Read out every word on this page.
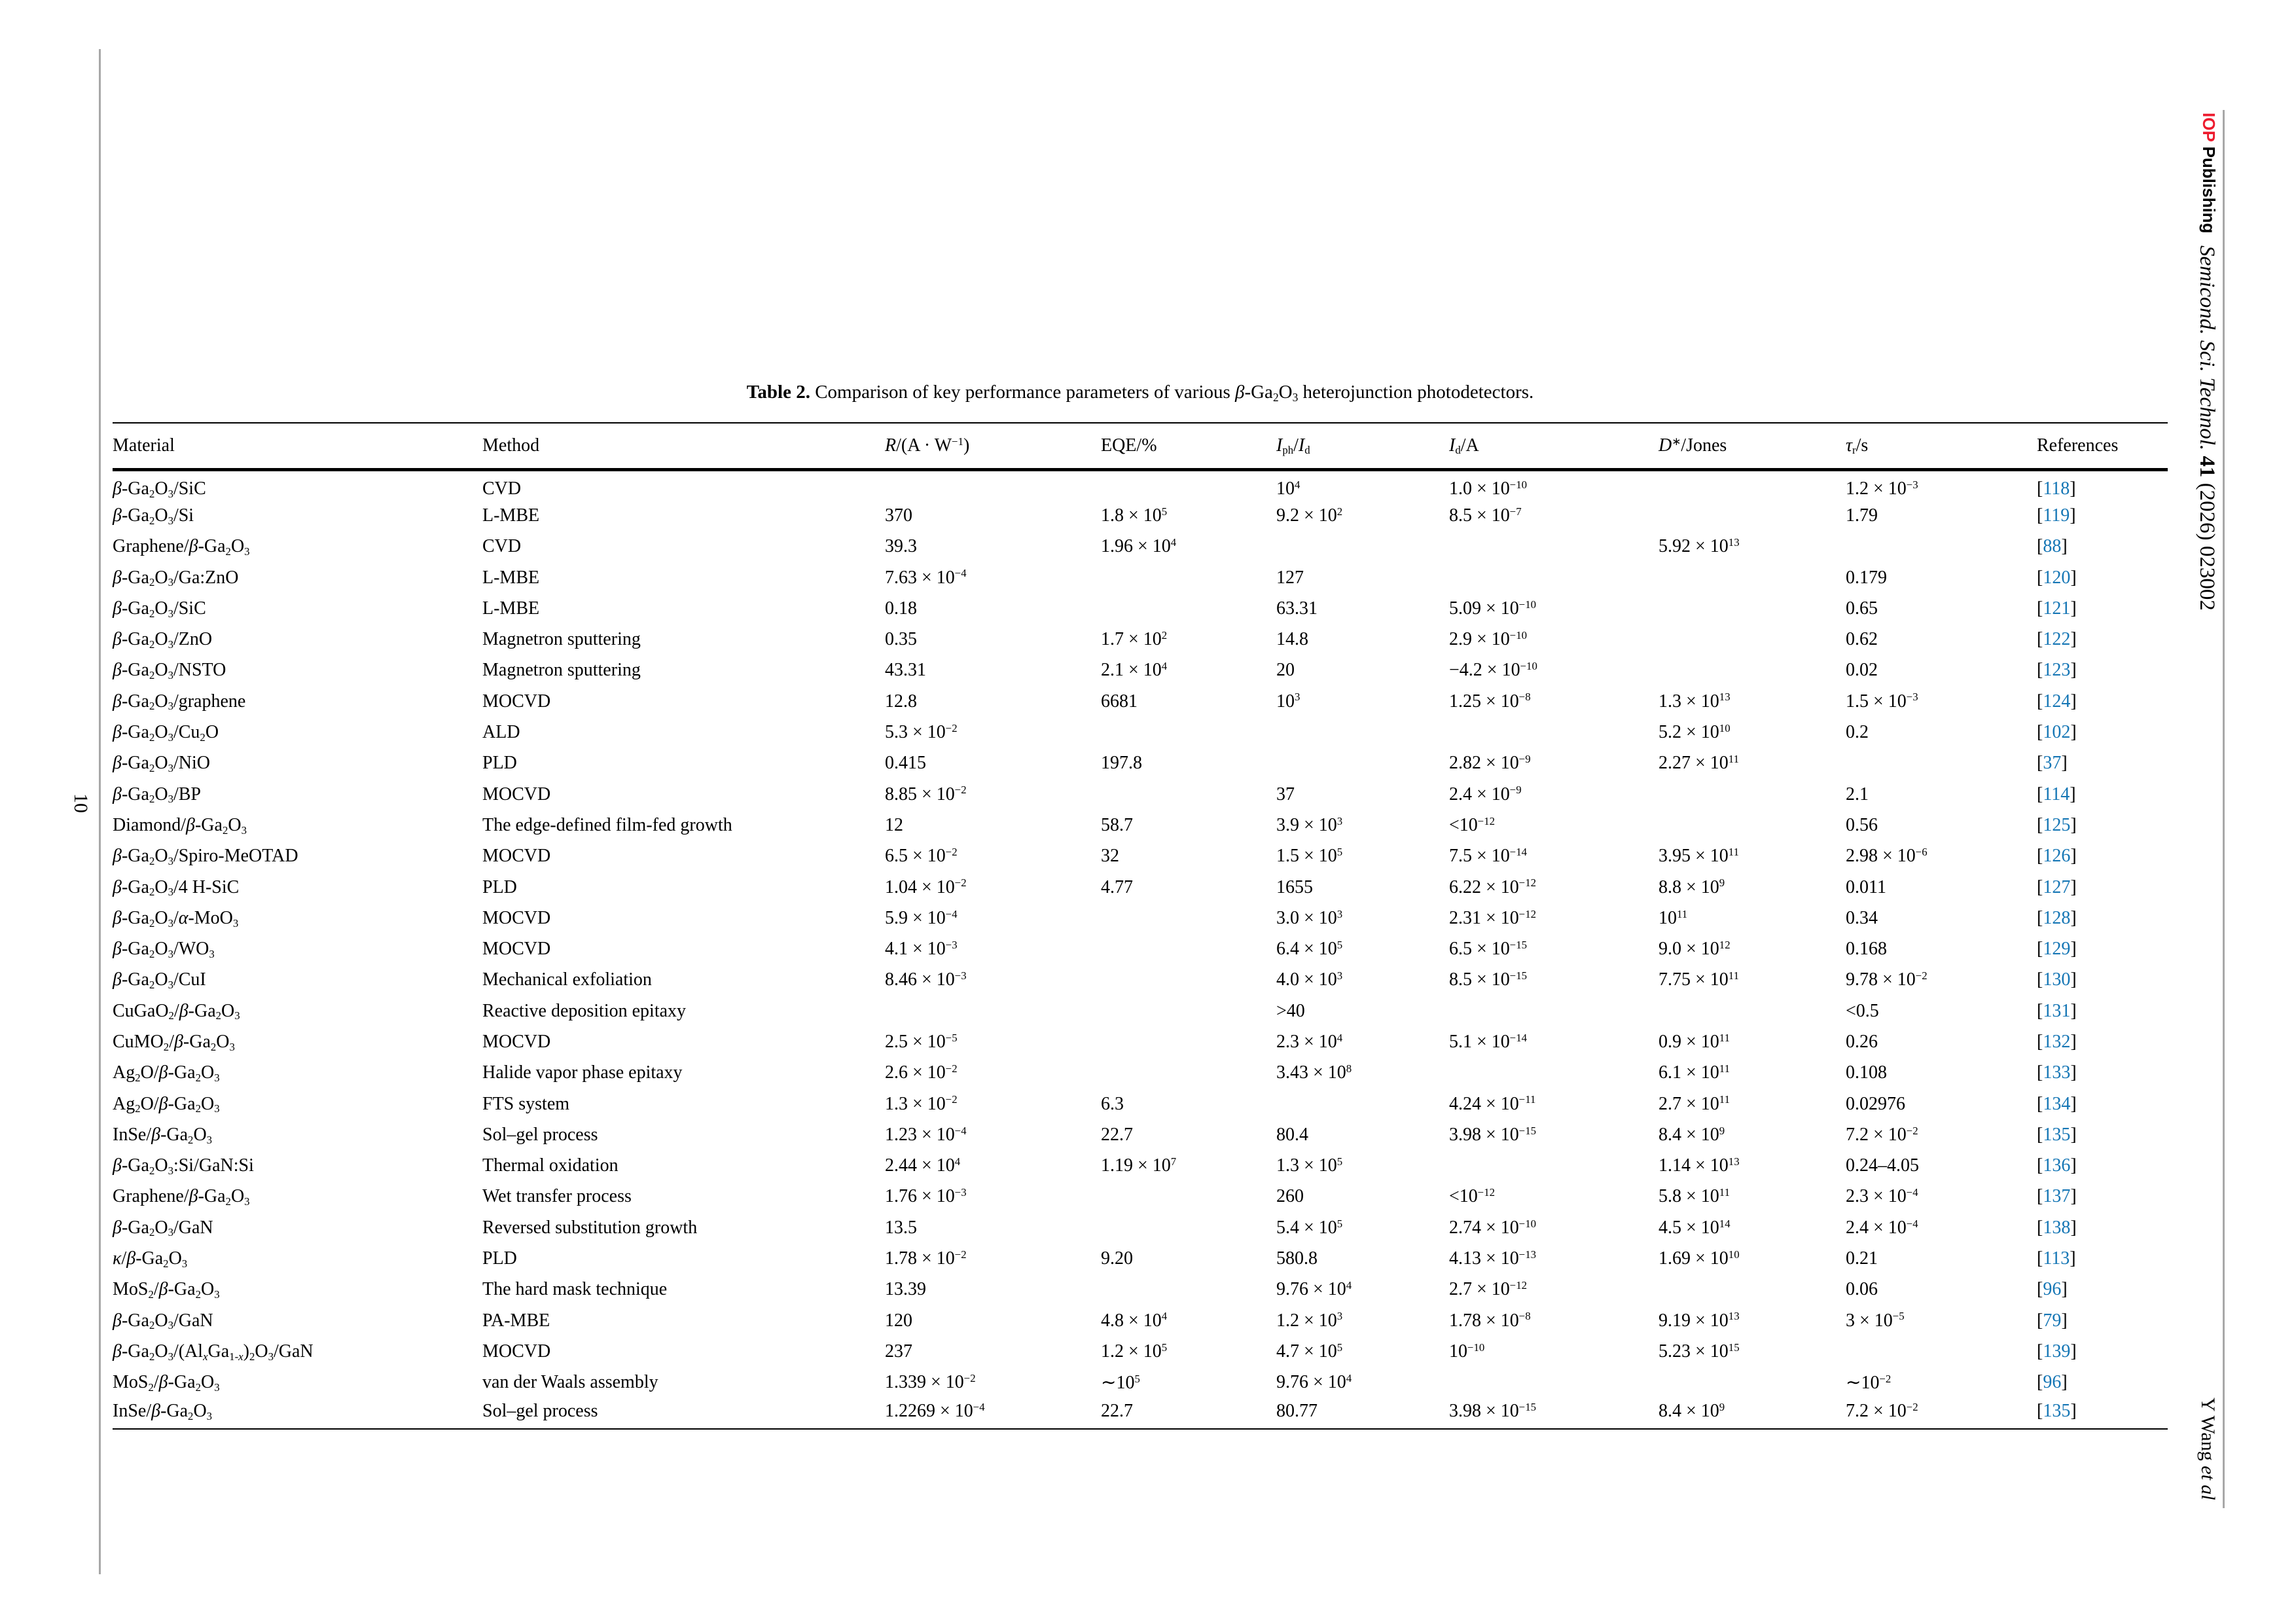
IOP Publishing
Semicond. Sci. Technol. 41 (2026) 023002
Y Wang et al
10
Table 2. Comparison of key performance parameters of various $\beta-Ga_2O_3$ heterojunction photodetectors.
Material	Method	$R/(A \cdot W^{-1})$	EQE/%	$I_{ph}/I_d$	$I_d/A$	D∗/Jones	$\tau_r/s$	References
$\beta-Ga_2O_3$/SiC	CVD			$10^4$	$1.0 \times 10^{-10}$		$1.2 \times 10^{-3}$	[118]
$\beta-Ga_2O_3/Si$	L-MBE	370	$1.8 \times 10^5$	$9.2 \times 10^2$	$8.5 \times 10^{-7}$		1.79	[119]
Graphene/$\beta-Ga_2O_3$	CVD	39.3	$1.96 \times 10^4$			$5.92 \times 10^{13}$		[88]
$\beta-Ga_2O_3/Ga:ZnO$	L-MBE	$7.63 \times 10^{-4}$		127			0.179	[120]
$\beta-Ga_2O_3$/SiC	L-MBE	0.18		63.31	$5.09 \times 10^{-10}$		0.65	[121]
$\beta-Ga_2O_3$/ZnO	Magnetron sputtering	0.35	$1.7 \times 10^2$	14.8	$2.9 \times 10^{-10}$		0.62	[122]
$\beta-Ga_2O_3$/NSTO	Magnetron sputtering	43.31	$2.1 \times 10^4$	20	$-4.2 \times 10^{-10}$		0.02	[123]
$\beta-Ga_2O_3$/graphene	MOCVD	12.8	6681	$10^3$	$1.25 \times 10^{-8}$	$1.3 \times 10^{13}$	$1.5 \times 10^{-3}$	[124]
$\beta-Ga_2O_3/Cu_2O$	ALD	$5.3 \times 10^{-2}$				$5.2 \times 10^{10}$	0.2	[102]
$\beta-Ga_2O_3$/NiO	PLD	0.415	197.8		$2.82 \times 10^{-9}$	$2.27 \times 10^{11}$		[37]
$\beta-Ga_2O_3/BP$	MOCVD	$8.85 \times 10^{-2}$		37	$2.4 \times 10^{-9}$		2.1	[114]
Diamond/$\beta-Ga_2O_3$	The edge-defined film-fed growth	12	58.7	$3.9 \times 10^3$	$<10^{-12}$		0.56	[125]
$\beta-Ga_2O_3/Spiro$-MeOTAD	MOCVD	$6.5 \times 10^{-2}$	32	$1.5 \times 10^5$	$7.5 \times 10^{-14}$	$3.95 \times 10^{11}$	$2.98 \times 10^{-6}$	[126]
$\beta-Ga_2O_3/4$ H-SiC	PLD	$1.04 \times 10^{-2}$	4.77	1655	$6.22 \times 10^{-12}$	$8.8 \times 10^9$	0.011	[127]
$\beta-Ga_2O_3/\alpha-MoO_3$	MOCVD	$5.9 \times 10^{-4}$		$3.0 \times 10^3$	$2.31 \times 10^{-12}$	$10^{11}$	0.34	[128]
$\beta-Ga_2O_3/WO_3$	MOCVD	$4.1 \times 10^{-3}$		$6.4 \times 10^5$	$6.5 \times 10^{-15}$	$9.0 \times 10^{12}$	0.168	[129]
$\beta-Ga_2O_3$/CuI	Mechanical exfoliation	$8.46 \times 10^{-3}$		$4.0 \times 10^3$	$8.5 \times 10^{-15}$	$7.75 \times 10^{11}$	$9.78 \times 10^{-2}$	[130]
$CuGaO_2/\beta-Ga_2O_3$	Reactive deposition epitaxy			>40			<0.5	[131]
$CuMO_2/\beta-Ga_2O_3$	MOCVD	$2.5 \times 10^{-5}$		$2.3 \times 10^4$	$5.1 \times 10^{-14}$	$0.9 \times 10^{11}$	0.26	[132]
$Ag_2O/\beta-Ga_2O_3$	Halide vapor phase epitaxy	$2.6 \times 10^{-2}$		$3.43 \times 10^8$		$6.1 \times 10^{11}$	0.108	[133]
$Ag_2O/\beta-Ga_2O_3$	FTS system	$1.3 \times 10^{-2}$	6.3		$4.24 \times 10^{-11}$	$2.7 \times 10^{11}$	0.02976	[134]
InSe/$\beta-Ga_2O_3$	Sol–gel process	$1.23 \times 10^{-4}$	22.7	80.4	$3.98 \times 10^{-15}$	$8.4 \times 10^9$	$7.2 \times 10^{-2}$	[135]
$\beta-Ga_2O_3:Si/GaN:Si$	Thermal oxidation	$2.44 \times 10^4$	$1.19 \times 10^7$	$1.3 \times 10^5$		$1.14 \times 10^{13}$	0.24–4.05	[136]
Graphene/$\beta-Ga_2O_3$	Wet transfer process	$1.76 \times 10^{-3}$		260	$<10^{-12}$	$5.8 \times 10^{11}$	$2.3 \times 10^{-4}$	[137]
$\beta-Ga_2O_3$/GaN	Reversed substitution growth	13.5		$5.4 \times 10^5$	$2.74 \times 10^{-10}$	$4.5 \times 10^{14}$	$2.4 \times 10^{-4}$	[138]
$\kappa/\beta-Ga_2O_3$	PLD	$1.78 \times 10^{-2}$	9.20	580.8	$4.13 \times 10^{-13}$	$1.69 \times 10^{10}$	0.21	[113]
$MoS_2/\beta-Ga_2O_3$	The hard mask technique	13.39		$9.76 \times 10^4$	$2.7 \times 10^{-12}$		0.06	[96]
$\beta-Ga_2O_3$/GaN	PA-MBE	120	$4.8 \times 10^4$	$1.2 \times 10^3$	$1.78 \times 10^{-8}$	$9.19 \times 10^{13}$	$3 \times 10^{-5}$	[79]
$\beta-Ga_2O_3/(Al_xGa_{1-x})_2O_3$/GaN	MOCVD	237	$1.2 \times 10^5$	$4.7 \times 10^5$	$10^{-10}$	$5.23 \times 10^{15}$		[139]
$MoS_2/\beta-Ga_2O_3$	van der Waals assembly	$1.339 \times 10^{-2}$	$\sim 10^5$	$9.76 \times 10^4$			$\sim 10^{-2}$	[96]
InSe/$\beta-Ga_2O_3$	Sol–gel process	$1.2269 \times 10^{-4}$	22.7	80.77	$3.98 \times 10^{-15}$	$8.4 \times 10^9$	$7.2 \times 10^{-2}$	[135]
